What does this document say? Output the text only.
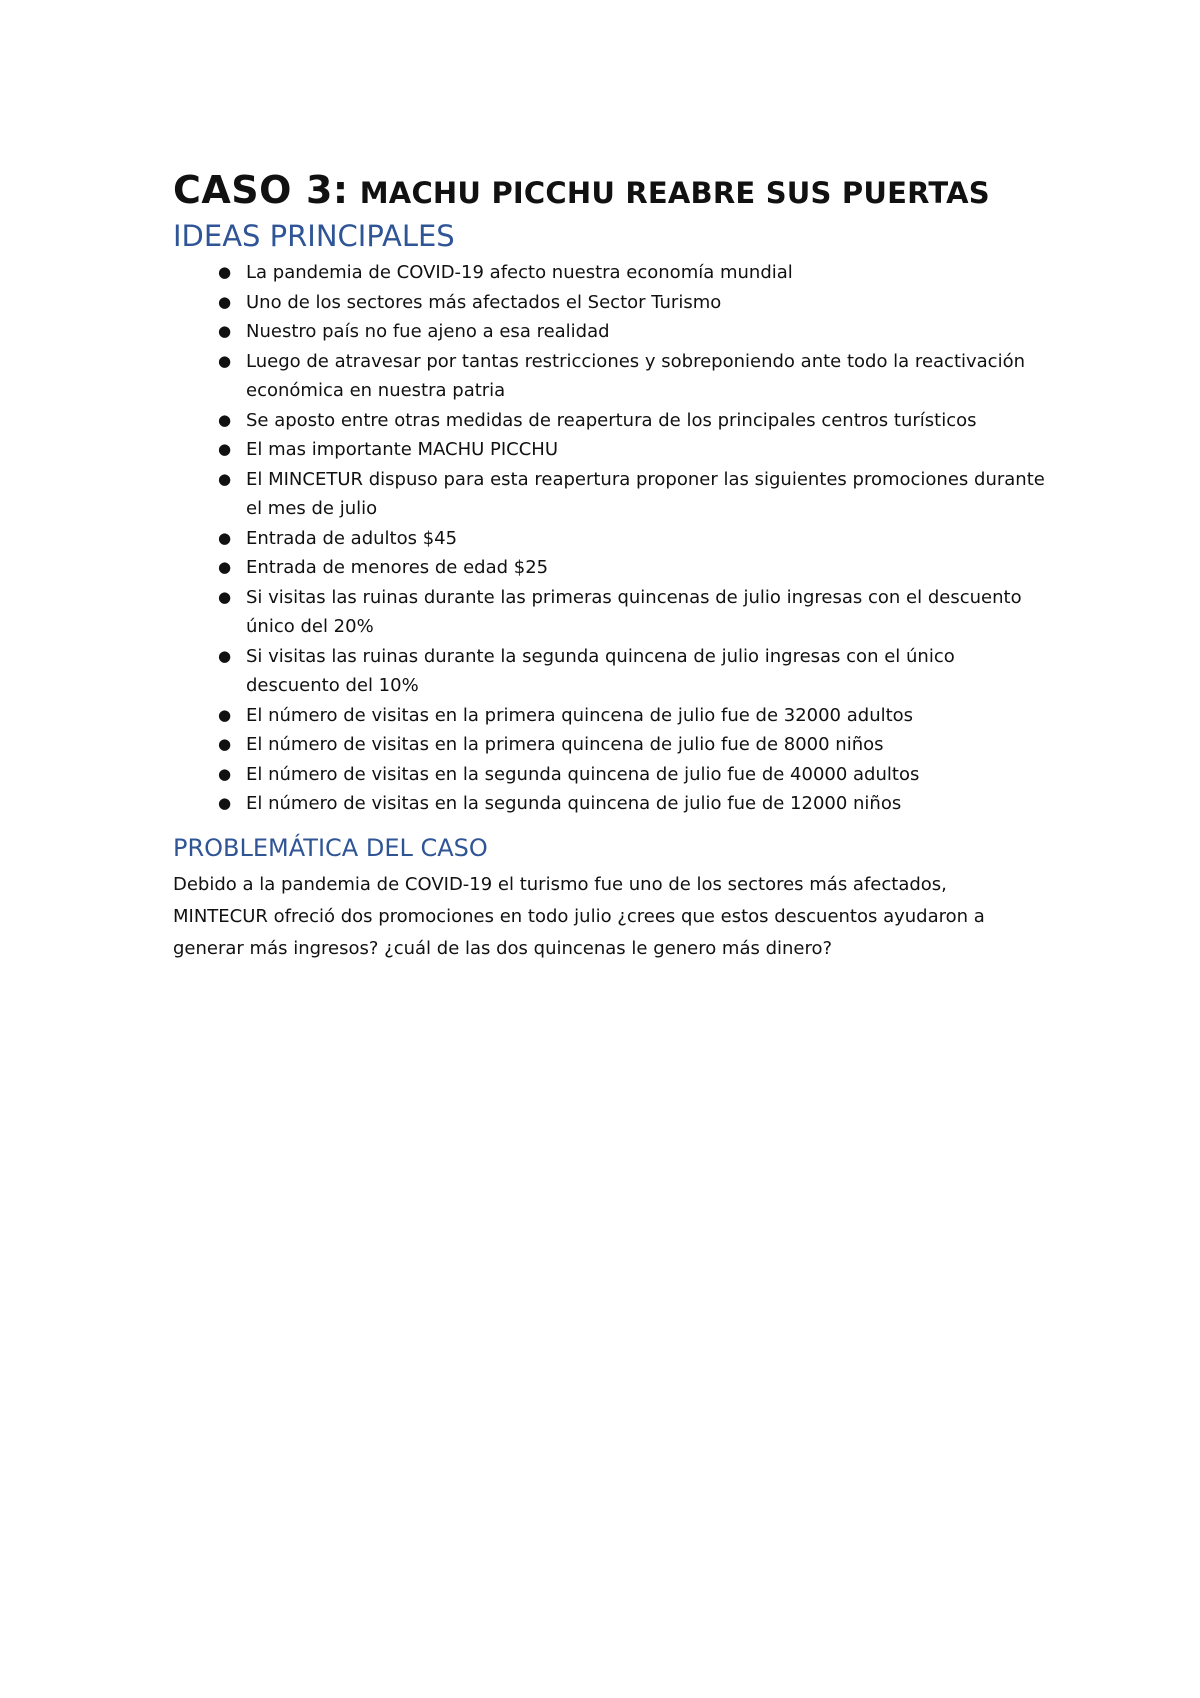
CASO 3: MACHU PICCHU REABRE SUS PUERTAS
IDEAS PRINCIPALES
● La pandemia de COVID-19 afecto nuestra economía mundial
● Uno de los sectores más afectados el Sector Turismo
● Nuestro país no fue ajeno a esa realidad
● Luego de atravesar por tantas restricciones y sobreponiendo ante todo la reactivación económica en nuestra patria
● Se aposto entre otras medidas de reapertura de los principales centros turísticos
● El mas importante MACHU PICCHU
● El MINCETUR dispuso para esta reapertura proponer las siguientes promociones durante el mes de julio
● Entrada de adultos $45
● Entrada de menores de edad $25
● Si visitas las ruinas durante las primeras quincenas de julio ingresas con el descuento único del 20%
● Si visitas las ruinas durante la segunda quincena de julio ingresas con el único descuento del 10%
● El número de visitas en la primera quincena de julio fue de 32000 adultos
● El número de visitas en la primera quincena de julio fue de 8000 niños
● El número de visitas en la segunda quincena de julio fue de 40000 adultos
● El número de visitas en la segunda quincena de julio fue de 12000 niños
PROBLEMÁTICA DEL CASO

Debido a la pandemia de COVID-19 el turismo fue uno de los sectores más afectados, MINTECUR ofreció dos promociones en todo julio ¿crees que estos descuentos ayudaron a generar más ingresos? ¿cuál de las dos quincenas le genero más dinero?
